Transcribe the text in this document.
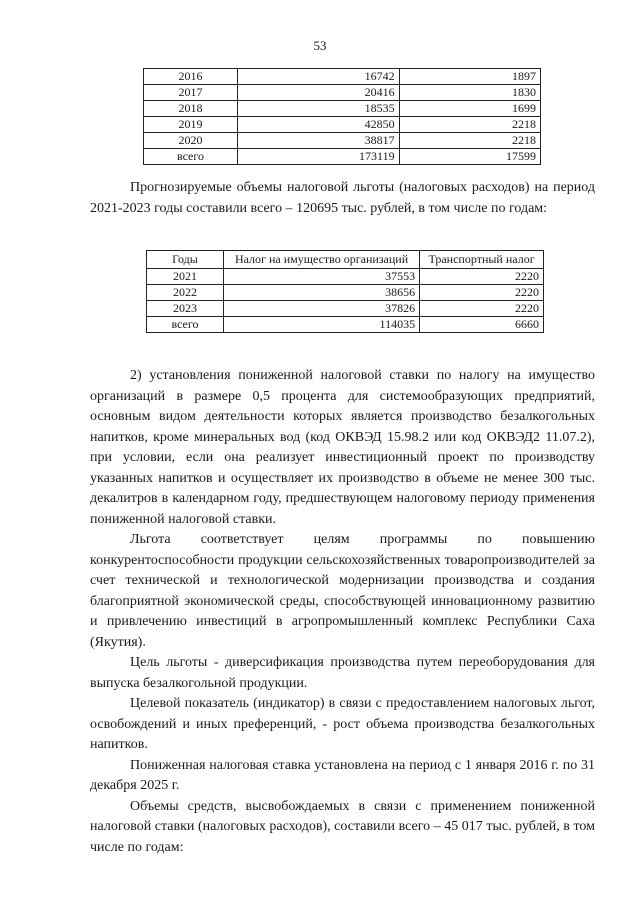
53
2016	16742	1897
2017	20416	1830
2018	18535	1699
2019	42850	2218
2020	38817	2218
всего	173119	17599

Прогнозируемые объемы налоговой льготы (налоговых расходов) на период 2021-2023 годы составили всего – 120695 тыс. рублей, в том числе по годам:

Годы	Налог на имущество организаций	Транспортный налог
2021	37553	2220
2022	38656	2220
2023	37826	2220
всего	114035	6660

2) установления пониженной налоговой ставки по налогу на имущество организаций в размере 0,5 процента для системообразующих предприятий, основным видом деятельности которых является производство безалкогольных напитков, кроме минеральных вод (код ОКВЭД 15.98.2 или код ОКВЭД2 11.07.2), при условии, если она реализует инвестиционный проект по производству указанных напитков и осуществляет их производство в объеме не менее 300 тыс. декалитров в календарном году, предшествующем налоговому периоду применения пониженной налоговой ставки.

Льгота соответствует целям программы по повышению конкурентоспособности продукции сельскохозяйственных товаропроизводителей за счет технической и технологической модернизации производства и создания благоприятной экономической среды, способствующей инновационному развитию и привлечению инвестиций в агропромышленный комплекс Республики Саха (Якутия).

Цель льготы - диверсификация производства путем переоборудования для выпуска безалкогольной продукции.

Целевой показатель (индикатор) в связи с предоставлением налоговых льгот, освобождений и иных преференций, - рост объема производства безалкогольных напитков.

Пониженная налоговая ставка установлена на период с 1 января 2016 г. по 31 декабря 2025 г.

Объемы средств, высвобождаемых в связи с применением пониженной налоговой ставки (налоговых расходов), составили всего – 45 017 тыс. рублей, в том числе по годам:
